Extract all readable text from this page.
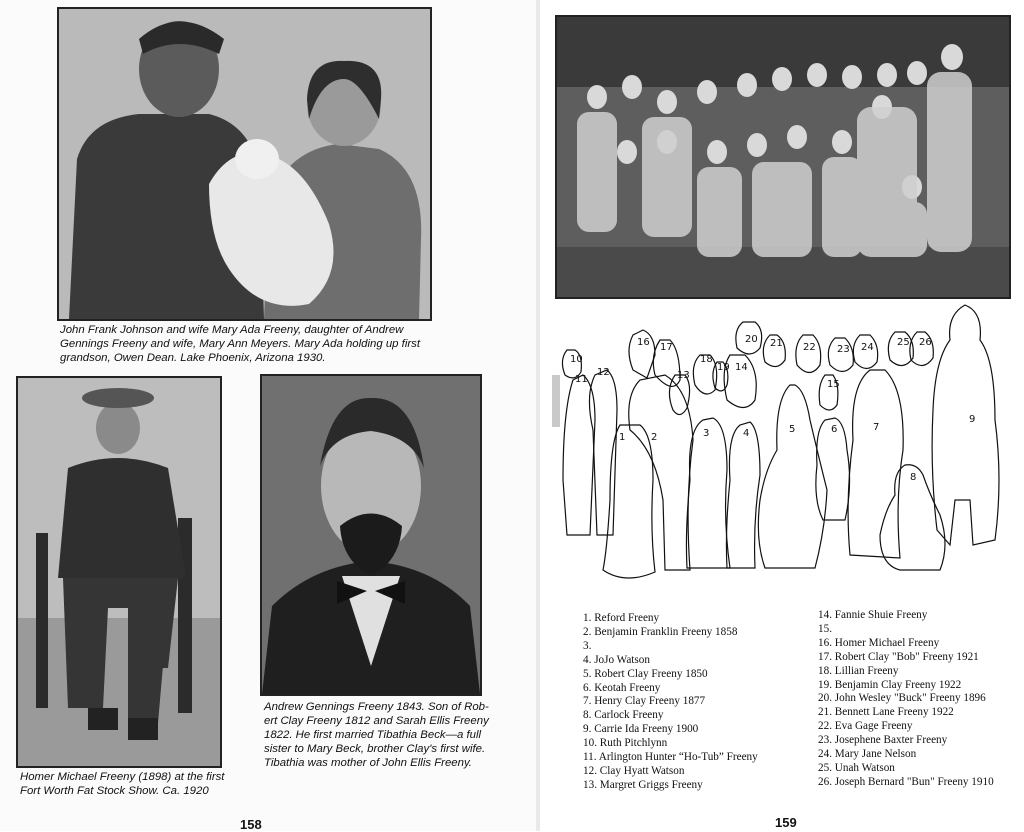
John Frank Johnson and wife Mary Ada Freeny, daughter of Andrew
Gennings Freeny and wife, Mary Ann Meyers. Mary Ada holding up first
grandson, Owen Dean. Lake Phoenix, Arizona 1930.
Homer Michael Freeny (1898) at the first
Fort Worth Fat Stock Show. Ca. 1920
Andrew Gennings Freeny 1843. Son of Rob-
ert Clay Freeny 1812 and Sarah Ellis Freeny
1822. He first married Tibathia Beck—a full
sister to Mary Beck, brother Clay's first wife.
Tibathia was mother of John Ellis Freeny.
158
1	2	3	4	5	6	7
8
9
10
11
12	13
14
15
16 17
18
19
20 21 22 23 24 25 26
1. Reford Freeny
2. Benjamin Franklin Freeny 1858
3.
4. JoJo Watson
5. Robert Clay Freeny 1850
6. Keotah Freeny
7. Henry Clay Freeny 1877
8. Carlock Freeny
9. Carrie Ida Freeny 1900
10. Ruth Pitchlynn
11. Arlington Hunter “Ho-Tub” Freeny
12. Clay Hyatt Watson
13. Margret Griggs Freeny
14. Fannie Shuie Freeny
15.
16. Homer Michael Freeny
17. Robert Clay "Bob" Freeny 1921
18. Lillian Freeny
19. Benjamin Clay Freeny 1922
20. John Wesley "Buck" Freeny 1896
21. Bennett Lane Freeny 1922
22. Eva Gage Freeny
23. Josephene Baxter Freeny
24. Mary Jane Nelson
25. Unah Watson
26. Joseph Bernard "Bun" Freeny 1910
159
